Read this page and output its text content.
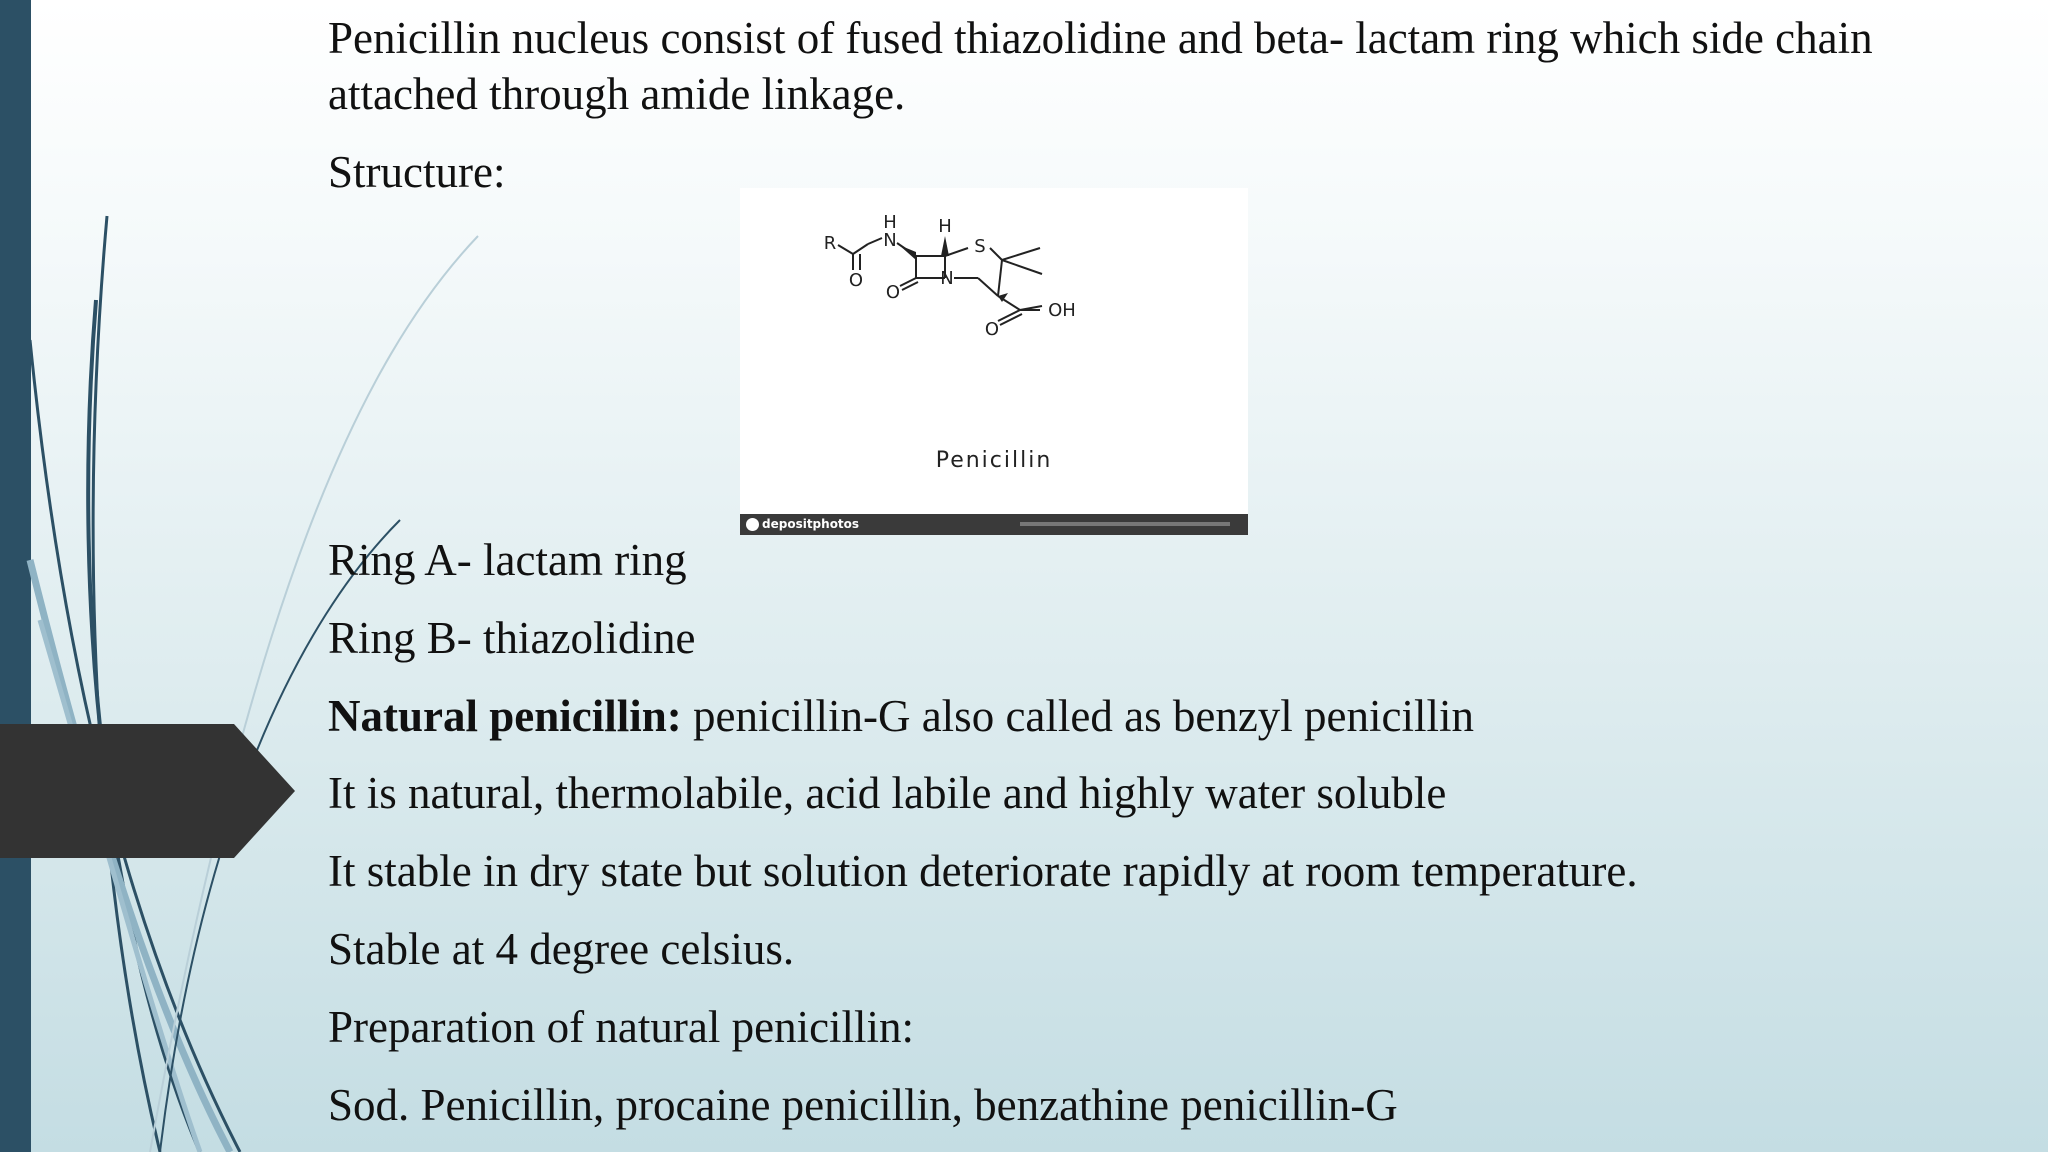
Penicillin nucleus consist of fused thiazolidine and beta- lactam ring which side chain attached through amide linkage.

Structure:

R
H
N
H
S
N
O
O
O
OH
Penicillin
depositphotos

Ring A- lactam ring

Ring B- thiazolidine

Natural penicillin: penicillin-G also called as benzyl penicillin

It is natural, thermolabile, acid labile and highly water soluble

It stable in dry state but solution deteriorate rapidly at room temperature.

Stable at 4 degree celsius.

Preparation of natural penicillin:

Sod. Penicillin, procaine penicillin, benzathine penicillin-G
